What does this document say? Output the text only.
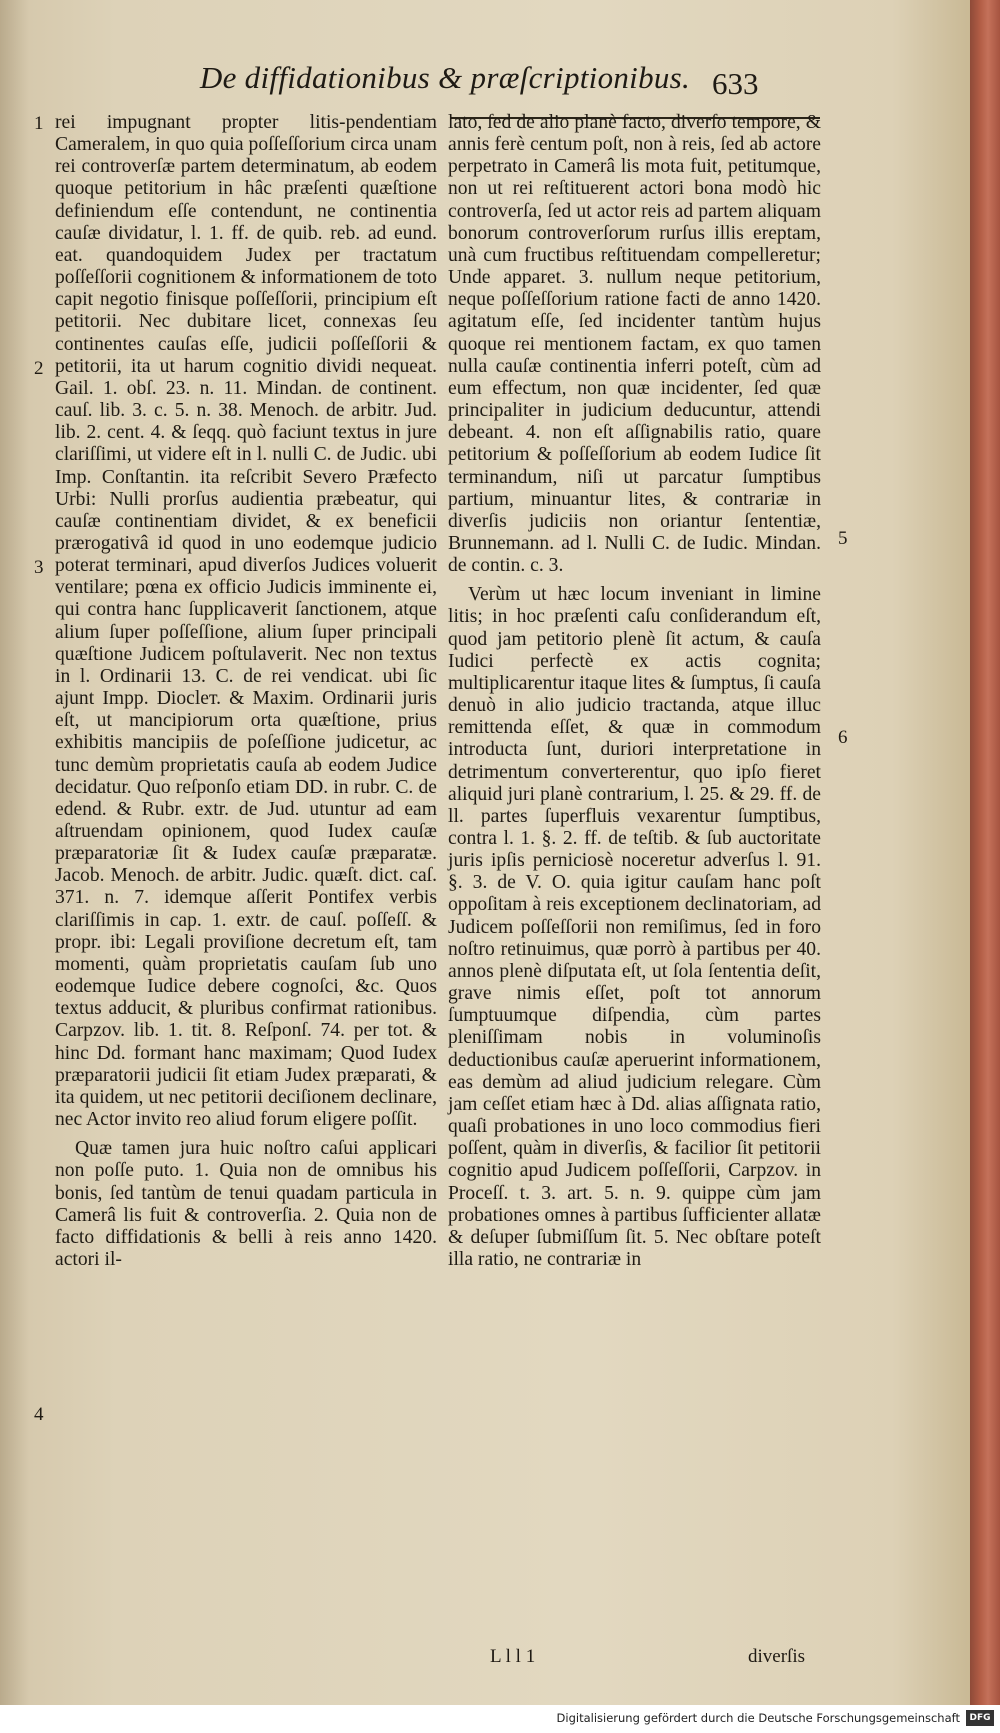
De diffidationibus & præſcriptionibus. 633
1
2
3
4
5
6

rei impugnant propter litis-pendentiam Cameralem, in quo quia poſſeſſorium circa unam rei controverſæ partem determinatum, ab eodem quoque petitorium in hâc præſenti quæſtione definiendum eſſe contendunt, ne continentia cauſæ dividatur, l. 1. ff. de quib. reb. ad eund. eat. quandoquidem Judex per tractatum poſſeſſorii cognitionem & informationem de toto capit negotio finisque poſſeſſorii, principium eſt petitorii. Nec dubitare licet, connexas ſeu continentes cauſas eſſe, judicii poſſeſſorii & petitorii, ita ut harum cognitio dividi nequeat. Gail. 1. obſ. 23. n. 11. Mindan. de continent. cauſ. lib. 3. c. 5. n. 38. Menoch. de arbitr. Jud. lib. 2. cent. 4. & ſeqq. quò faciunt textus in jure clariſſimi, ut videre eſt in l. nulli C. de Judic. ubi Imp. Conſtantin. ita reſcribit Severo Præfecto Urbi: Nulli prorſus audientia præbeatur, qui cauſæ continentiam dividet, & ex beneficii prærogativâ id quod in uno eodemque judicio poterat terminari, apud diverſos Judices voluerit ventilare; pœna ex officio Judicis imminente ei, qui contra hanc ſupplicaverit ſanctionem, atque alium ſuper poſſeſſione, alium ſuper principali quæſtione Judicem poſtulaverit. Nec non textus in l. Ordinarii 13. C. de rei vendicat. ubi ſic ajunt Impp. Diocleт. & Maxim. Ordinarii juris eſt, ut mancipiorum orta quæſtione, prius exhibitis mancipiis de poſeſſione judicetur, ac tunc demùm proprietatis cauſa ab eodem Judice decidatur. Quo reſponſo etiam DD. in rubr. C. de edend. & Rubr. extr. de Jud. utuntur ad eam aſtruendam opinionem, quod Iudex cauſæ præparatoriæ ſit & Iudex cauſæ præparatæ. Jacob. Menoch. de arbitr. Judic. quæſt. dict. caſ. 371. n. 7. idemque aſſerit Pontifex verbis clariſſimis in cap. 1. extr. de cauſ. poſſeſſ. & propr. ibi: Legali proviſione decretum eſt, tam momenti, quàm proprietatis cauſam ſub uno eodemque Iudice debere cognoſci, &c. Quos textus adducit, & pluribus confirmat rationibus. Carpzov. lib. 1. tit. 8. Reſponſ. 74. per tot. & hinc Dd. formant hanc maximam; Quod Iudex præparatorii judicii ſit etiam Judex præparati, & ita quidem, ut nec petitorii deciſionem declinare, nec Actor invito reo aliud forum eligere poſſit.

Quæ tamen jura huic noſtro caſui applicari non poſſe puto. 1. Quia non de omnibus his bonis, ſed tantùm de tenui quadam particula in Camerâ lis fuit & controverſia. 2. Quia non de facto diffidationis & belli à reis anno 1420. actori il-

lato, ſed de alio planè facto, diverſo tempore, & annis ferè centum poſt, non à reis, ſed ab actore perpetrato in Camerâ lis mota fuit, petitumque, non ut rei reſtituerent actori bona modò hic controverſa, ſed ut actor reis ad partem aliquam bonorum controverſorum rurſus illis ereptam, unà cum fructibus reſtituendam compelleretur; Unde apparet. 3. nullum neque petitorium, neque poſſeſſorium ratione facti de anno 1420. agitatum eſſe, ſed incidenter tantùm hujus quoque rei mentionem factam, ex quo tamen nulla cauſæ continentia inferri poteſt, cùm ad eum effectum, non quæ incidenter, ſed quæ principaliter in judicium deducuntur, attendi debeant. 4. non eſt aſſignabilis ratio, quare petitorium & poſſeſſorium ab eodem Iudice ſit terminandum, niſi ut parcatur ſumptibus partium, minuantur lites, & contrariæ in diverſis judiciis non oriantur ſententiæ, Brunnemann. ad l. Nulli C. de Iudic. Mindan. de contin. c. 3.

Verùm ut hæc locum inveniant in limine litis; in hoc præſenti caſu conſiderandum eſt, quod jam petitorio plenè ſit actum, & cauſa Iudici perfectè ex actis cognita; multiplicarentur itaque lites & ſumptus, ſi cauſa denuò in alio judicio tractanda, atque illuc remittenda eſſet, & quæ in commodum introducta ſunt, duriori interpretatione in detrimentum converterentur, quo ipſo fieret aliquid juri planè contrarium, l. 25. & 29. ff. de ll. partes ſuperfluis vexarentur ſumptibus, contra l. 1. §. 2. ff. de teſtib. & ſub auctoritate juris ipſis perniciosè noceretur adverſus l. 91. §. 3. de V. O. quia igitur cauſam hanc poſt oppoſitam à reis exceptionem declinatoriam, ad Judicem poſſeſſorii non remiſimus, ſed in foro noſtro retinuimus, quæ porrò à partibus per 40. annos plenè diſputata eſt, ut ſola ſententia deſit, grave nimis eſſet, poſt tot annorum ſumptuumque diſpendia, cùm partes pleniſſimam nobis in voluminoſis deductionibus cauſæ aperuerint informationem, eas demùm ad aliud judicium relegare. Cùm jam ceſſet etiam hæc à Dd. alias aſſignata ratio, quaſi probationes in uno loco commodius fieri poſſent, quàm in diverſis, & facilior ſit petitorii cognitio apud Judicem poſſeſſorii, Carpzov. in Proceſſ. t. 3. art. 5. n. 9. quippe cùm jam probationes omnes à partibus ſufficienter allatæ & deſuper ſubmiſſum ſit. 5. Nec obſtare poteſt illa ratio, ne contrariæ in

L l l 1	diverſis
Digitalisierung gefördert durch die Deutsche Forschungsgemeinschaft	DFG
